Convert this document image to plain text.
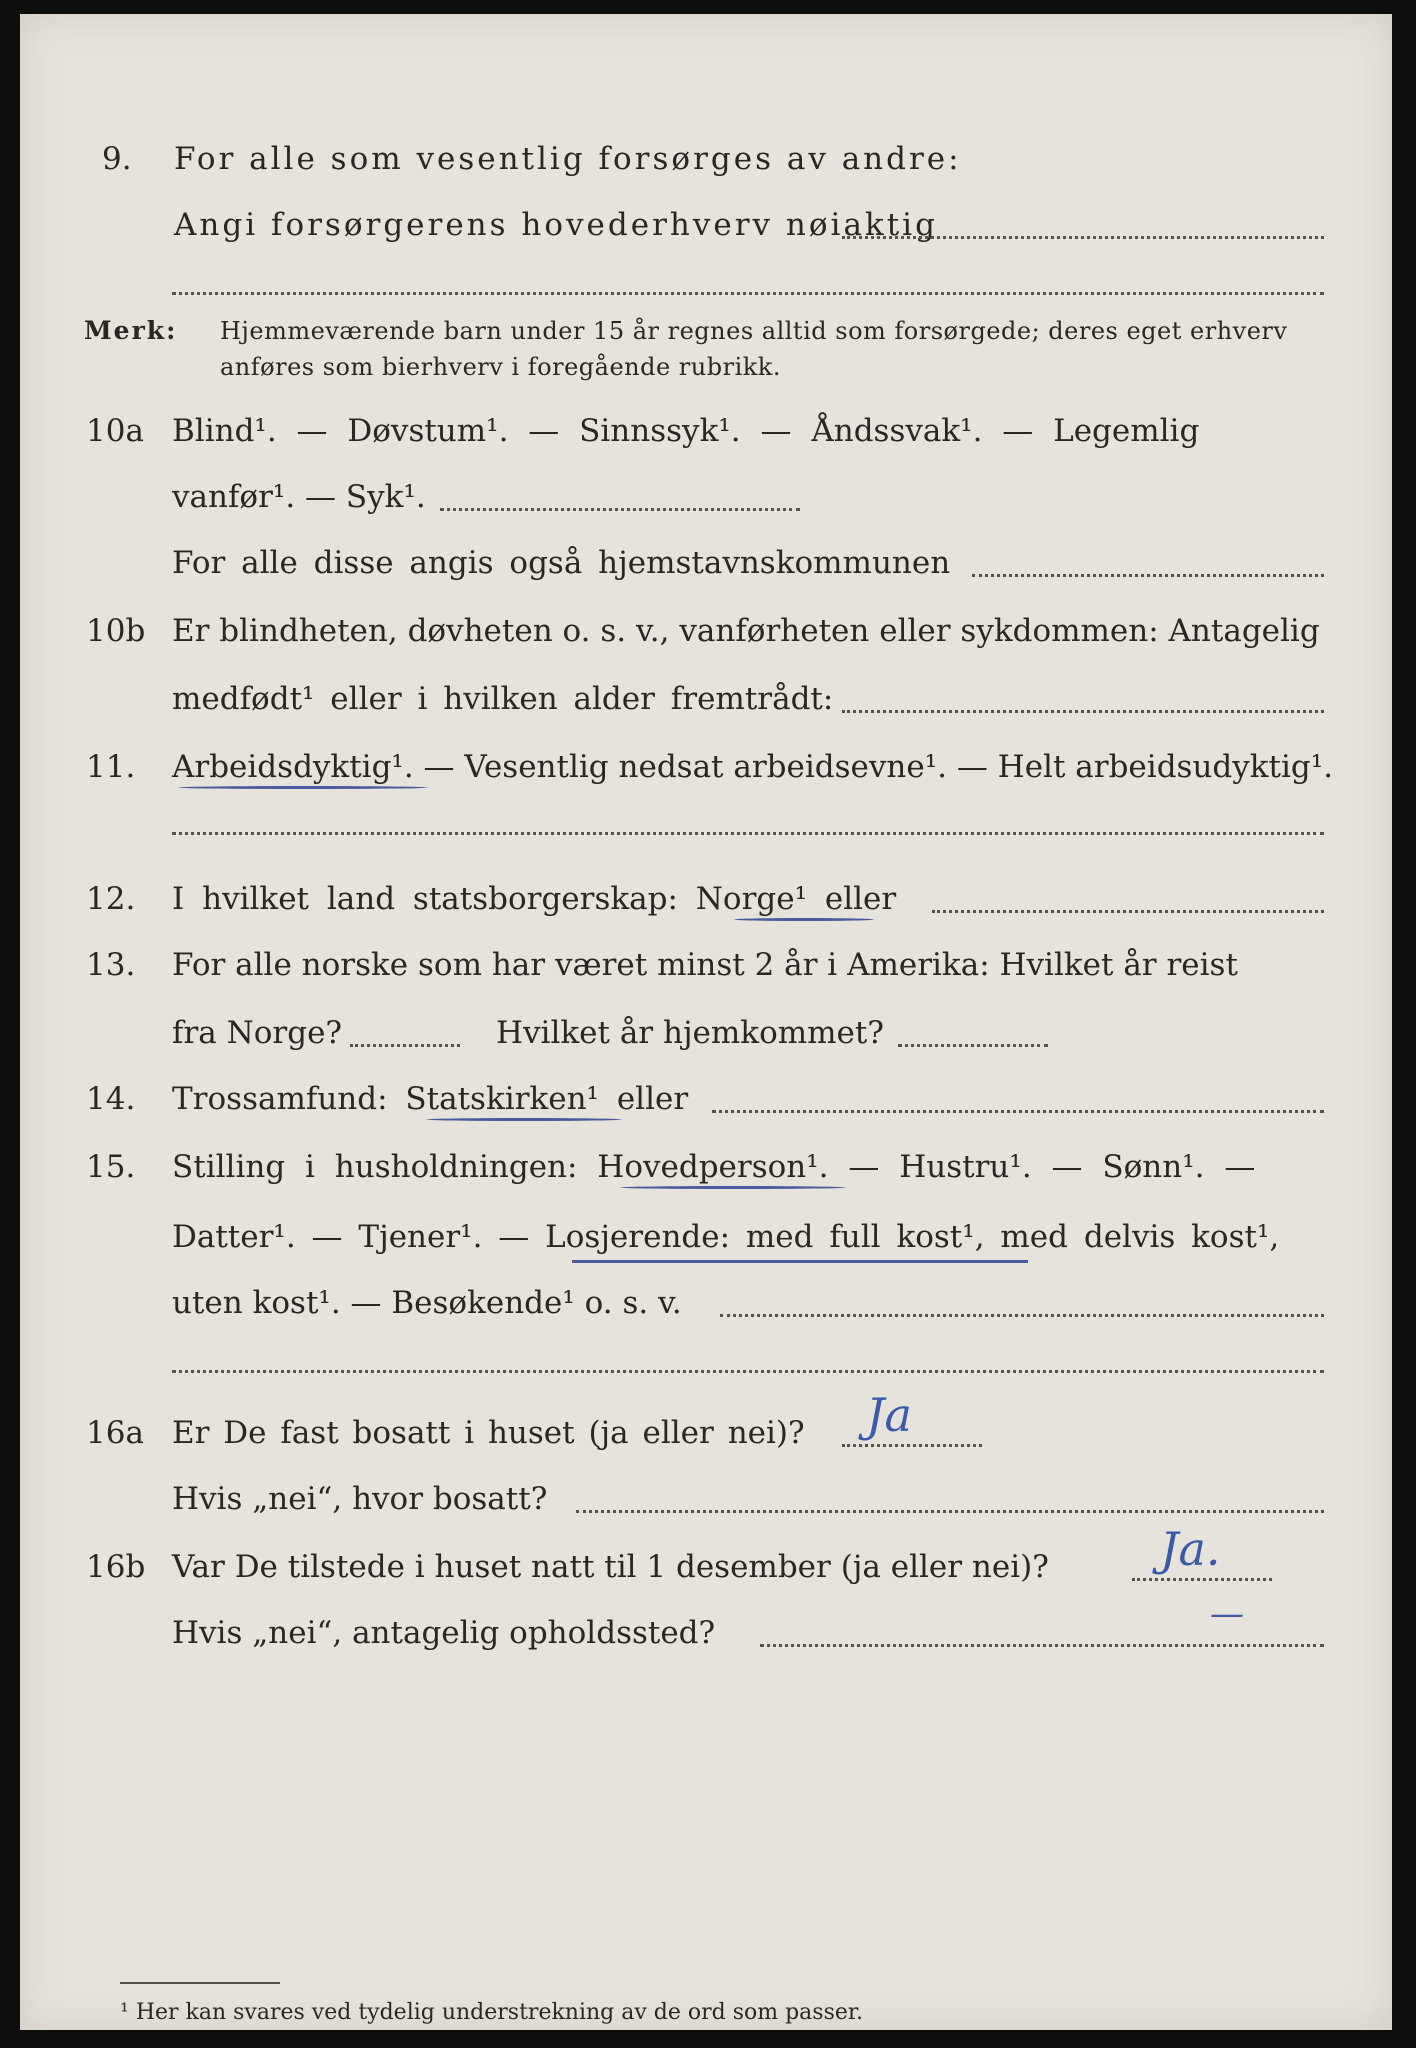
9. For alle som vesentlig forsørges av andre:
Angi forsørgerens hovederhverv nøiaktig
Merk: Hjemmeværende barn under 15 år regnes alltid som forsørgede; deres eget erhverv
anføres som bierhverv i foregående rubrikk.
10a Blind¹. — Døvstum¹. — Sinnssyk¹. — Åndssvak¹. — Legemlig
vanfør¹. — Syk¹.
For alle disse angis også hjemstavnskommunen
10b Er blindheten, døvheten o. s. v., vanførheten eller sykdommen: Antagelig
medfødt¹ eller i hvilken alder fremtrådt:
11. Arbeidsdyktig¹. — Vesentlig nedsat arbeidsevne¹. — Helt arbeidsudyktig¹.
12. I hvilket land statsborgerskap: Norge¹ eller
13. For alle norske som har været minst 2 år i Amerika: Hvilket år reist
fra Norge?	Hvilket år hjemkommet?
14. Trossamfund: Statskirken¹ eller
15. Stilling i husholdningen: Hovedperson¹. — Hustru¹. — Sønn¹. —
Datter¹. — Tjener¹. — Losjerende: med full kost¹, med delvis kost¹,
uten kost¹. — Besøkende¹ o. s. v.
16a Er De fast bosatt i huset (ja eller nei)? Ja
Hvis „nei“, hvor bosatt?
16b Var De tilstede i huset natt til 1 desember (ja eller nei)? Ja.
Hvis „nei“, antagelig opholdssted?	—
¹ Her kan svares ved tydelig understrekning av de ord som passer.
